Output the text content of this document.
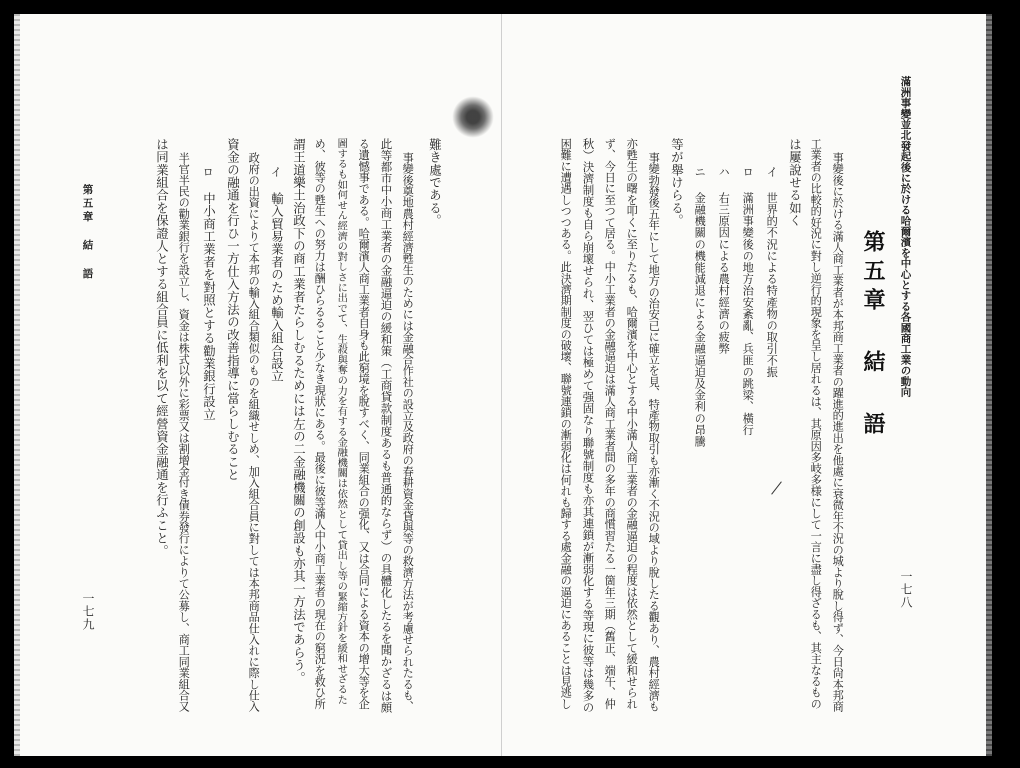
難き處である。
事變後奠地農村經濟甦生のためには金融合作社の設立及政府の春耕資金貸與等の救濟方法が考慮せられたるも、
此等都市中小商工業者の金融逼迫の緩和策（工商貸款制度あるも普通的ならず）の具體化したるを聞かざるは頗
る遺憾事である。哈爾濱人商工業者自身も此窮境を脫すべく、同業組合の强化、又は合同による資本の增大等を企
圖するも如何せん經濟の對しさに出でて、生殺與奪の力を有する金融機關は依然として貸出し等の緊縮方針を緩和せざるた
め、彼等の甦生への努力は酬ひらるること少なき現狀にある。最後に彼等滿人中小商工業者の現在の窮況を救ひ所
謂王道樂土治政下の商工業者たらしむるためには左の二金融機關の創設も亦其一方法であらう。
イ
輸入貿易業者のため輸入組合設立
政府の出資によりて本邦の輸入組合類似のものを組織せしめ、加入組合員に對しては本邦商品仕入れに際し仕入
資金の融通を行ひ一方仕入方法の改善指導に當らしむること
ロ
中小商工業者を對照とする勸業銀行設立
半官半民の勸業銀行を設立し、資金は株式以外に彩票又は割增金付き債券發行によりて公募し、商工同業組合又
は同業組合を保證人とする組合員に低利を以て經營資金融通を行ふこと。
第五章 結 語
一七九
滿洲事變並北發起後に於ける哈爾濱を中心とする各國商工業の動向
一七八
第五章 結 語
事變後に於ける滿人商工業者が本邦商工業者の躍進的進出を他處に衰微年不況の城より脫し得ず、今日尙本邦商
工業者の比較的好況に對し逆行的現象を呈し居れるは、其原因多岐多様にして一言に盡し得ざるも、其主なるもの
は屢說せる如く
イ
世界的不況による特產物の取引不振
ロ
滿洲事變後の地方治安紊亂、兵匪の跳梁、橫行
ハ
右三原因による農村經濟の疲弊
ニ
金融機關の機能減退による金融逼迫及金利の昂騰
等が舉けらる。
事變勃發後五年にして地方の治安已に確立を見、特產物取引も亦漸く不況の域より脫したる觀あり、農村經濟も
亦甦生の曙を叩くに至りたるも、哈爾濱を中心とする中小滿人商工業者の金融逼迫の程度は依然として緩和せられ
ず、今日に至つて居る。中小工業者の金融逼迫は滿人商工業者間の多年の商慣習たる一箇年三期（舊正、端午、仲
秋）決濟制度も自ら崩壞せられ、翌ひては極めて强固なり聯號制度も亦其連鎖が漸弱化する等現に彼等は幾多の
困難に遭遇しつつある。此決濟期制度の破壞、聯號連鎖の漸弱化は何れも歸する處金融の逼迫にあることは見逃し
